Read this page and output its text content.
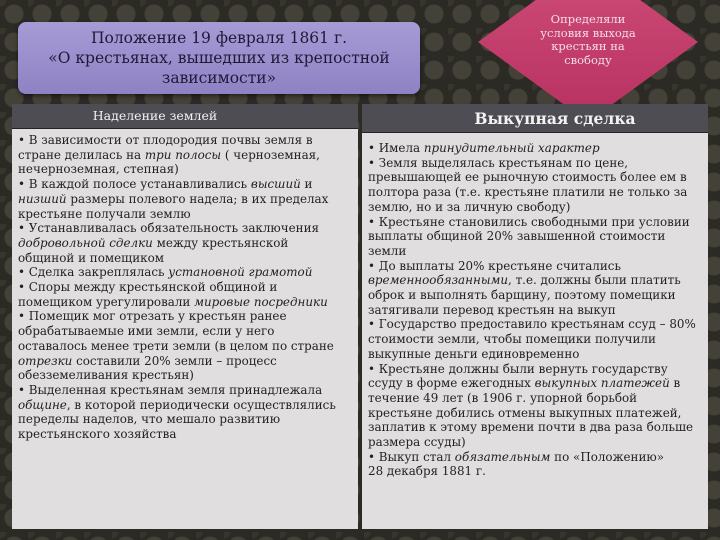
Положение 19 февраля 1861 г.
«О крестьянах, вышедших из крепостной
зависимости»
Определяли
условия выхода
крестьян на
свободу
Наделение землей
• В зависимости от плодородия почвы земля в
стране делилась на три полосы ( черноземная,
нечерноземная, степная)
• В каждой полосе устанавливались высший и
низший размеры полевого надела; в их пределах
крестьяне получали землю
• Устанавливалась обязательность заключения
добровольной сделки между крестьянской
общиной и помещиком
• Сделка закреплялась установной грамотой
• Споры между крестьянской общиной и
помещиком урегулировали мировые посредники
• Помещик мог отрезать у крестьян ранее
обрабатываемые ими земли, если у него
оставалось менее трети земли (в целом по стране
отрезки составили 20% земли – процесс
обезземеливания крестьян)
• Выделенная крестьянам земля принадлежала
общине, в которой периодически осуществлялись
переделы наделов, что мешало развитию
крестьянского хозяйства
Выкупная сделка
• Имела принудительный характер
• Земля выделялась крестьянам по цене,
превышающей ее рыночную стоимость более ем в
полтора раза (т.е. крестьяне платили не только за
землю, но и за личную свободу)
• Крестьяне становились свободными при условии
выплаты общиной 20% завышенной стоимости
земли
• До выплаты 20% крестьяне считались
временнообязанными, т.е. должны были платить
оброк и выполнять барщину, поэтому помещики
затягивали перевод крестьян на выкуп
• Государство предоставило крестьянам ссуд – 80%
стоимости земли, чтобы помещики получили
выкупные деньги единовременно
• Крестьяне должны были вернуть государству
ссуду в форме ежегодных выкупных платежей в
течение 49 лет (в 1906 г. упорной борьбой
крестьяне добились отмены выкупных платежей,
заплатив к этому времени почти в два раза больше
размера ссуды)
• Выкуп стал обязательным по «Положению»
28 декабря 1881 г.
